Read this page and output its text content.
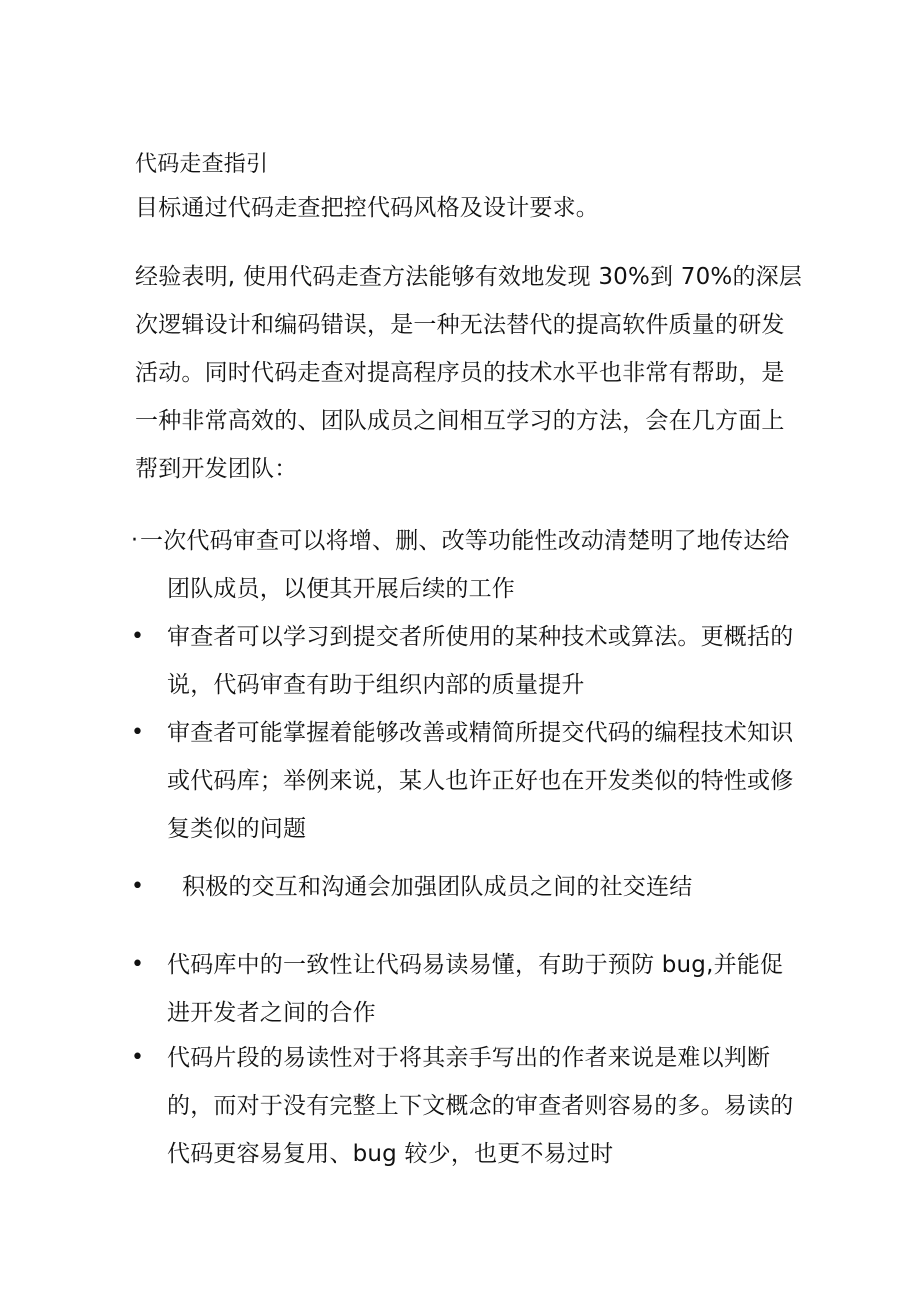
代码走查指引
目标通过代码走查把控代码风格及设计要求。
经验表明, 使用代码走查方法能够有效地发现 30%到 70%的深层
次逻辑设计和编码错误，是一种无法替代的提高软件质量的研发
活动。同时代码走查对提高程序员的技术水平也非常有帮助，是
一种非常高效的、团队成员之间相互学习的方法，会在几方面上
帮到开发团队：
· 一次代码审查可以将增、删、改等功能性改动清楚明了地传达给
团队成员，以便其开展后续的工作
• 审查者可以学习到提交者所使用的某种技术或算法。更概括的
说，代码审查有助于组织内部的质量提升
• 审查者可能掌握着能够改善或精简所提交代码的编程技术知识
或代码库；举例来说，某人也许正好也在开发类似的特性或修
复类似的问题
• 积极的交互和沟通会加强团队成员之间的社交连结
• 代码库中的一致性让代码易读易懂，有助于预防 bug,并能促
进开发者之间的合作
• 代码片段的易读性对于将其亲手写出的作者来说是难以判断
的，而对于没有完整上下文概念的审查者则容易的多。易读的
代码更容易复用、bug 较少，也更不易过时
